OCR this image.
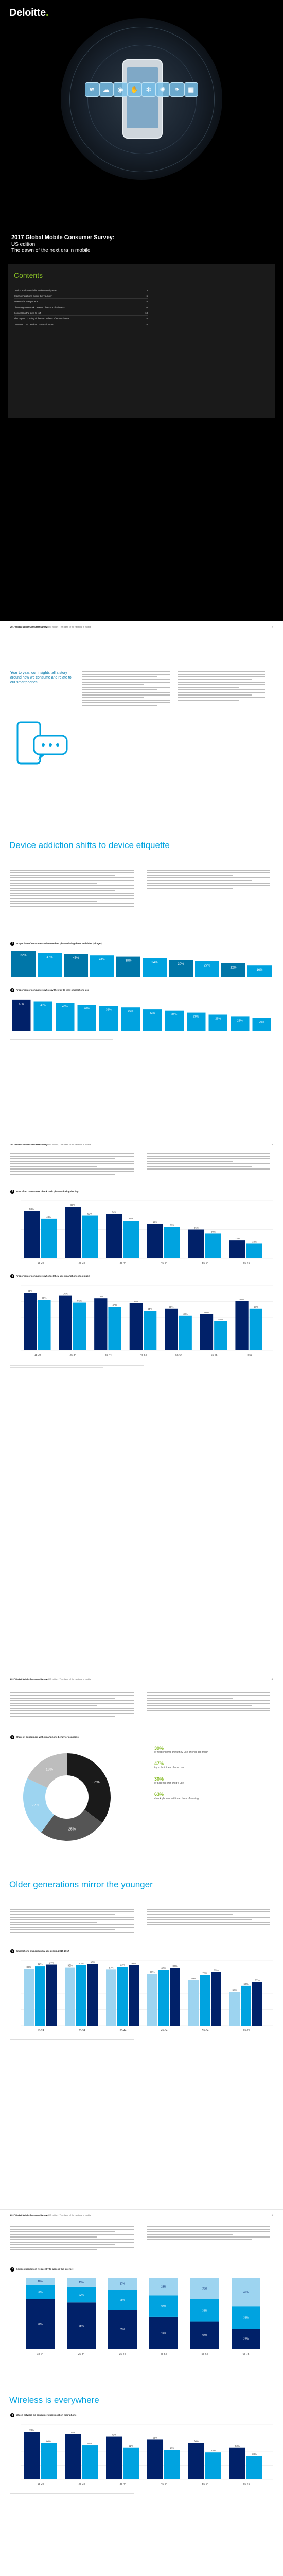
Deloitte.
≋	☁	◉	✋	❄	✺	⚭	▦
2017 Global Mobile Consumer Survey:
US edition
The dawn of the next era in mobile
Contents
Device addiction shifts to device etiquette	3
Older generations mirror the younger	6
Wireless is everywhere	8
Choosing a network: Down to the core of wireless	10
Connecting the dots to IoT	13
The beyond coming of the second era of smartphones	15
Contacts: The Deloitte US contributors	18
2017 Global Mobile Consumer Survey: US edition | The dawn of the next era in mobile	2
Year to year, our insights tell a story around how we consume and relate to our smartphones.
Device addiction shifts to device etiquette
1 Proportion of consumers who use their phone during these activities (all ages)
52%
47%	45%
41%	38%
34%
30%	27%
22%
16%
2 Proportion of consumers who say they try to limit smartphone use
47%	45%	43%
40%	38%	36%
33%	31%
28%
25%
22%	20%
2017 Global Mobile Consumer Survey: US edition | The dawn of the next era in mobile	3
3 How often consumers check their phones during the day
58%
48%
18-24
63%
52%
25-34
54%
46%
35-44
42%
38%
45-54
35%
30%
55-64
22%
18%
65-75
4 Proportion of consumers who feel they use smartphones too much
80%
70%
18-24
76%
66%
25-34
72%
60%
35-44
65%
55%
45-54
58%
48%
55-64
50%
40%
65-75
68%
58%
Total
2017 Global Mobile Consumer Survey: US edition | The dawn of the next era in mobile	4
5 Share of consumers with smartphone behavior concerns
35%
25%
22%
18%
39%
of respondents think they use phones too much
47%
try to limit their phone use
30%
of parents limit child's use
63%
check phones within an hour of waking
Older generations mirror the younger
6 Smartphone ownership by age group, 2015-2017
88%
92%
94%
18-24
90%
93%
95%
25-34
87%
91%
93%
35-44
80%
86%
89%
45-54
70%
78%
83%
55-64
52%
62%
67%
65-75
2017 Global Mobile Consumer Survey: US edition | The dawn of the next era in mobile	5
7 Devices used most frequently to access the internet
70%
20%
10%
18-24
65%
22%
13%
25-34
55%
28%
17%
35-44
45%
30%
25%
45-54
38%
32%
30%
55-64
28%
32%
40%
65-75
Wireless is everywhere
8 Which network do consumers use most on their phone
78%
60%
18-24
74%
56%
25-34
70%
52%
35-44
65%
48%
45-54
60%
44%
55-64
52%
38%
65-75
